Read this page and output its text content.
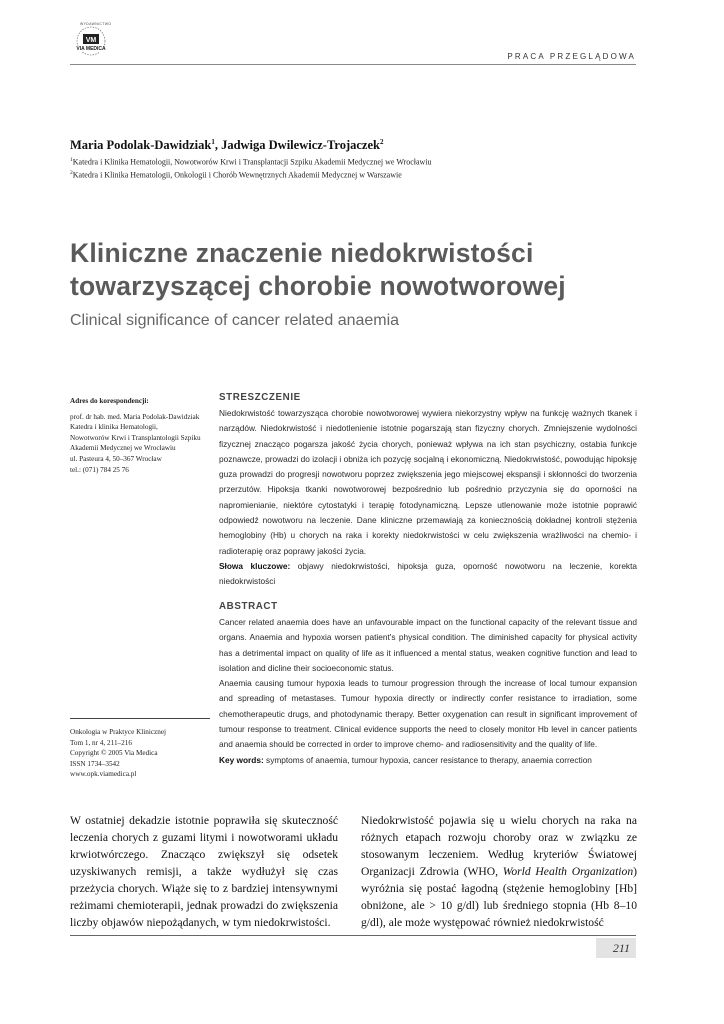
VM
VIA MEDICA
WYDAWNICTWO
PRACA PRZEGLĄDOWA
Maria Podolak-Dawidziak$^1$, Jadwiga Dwilewicz-Trojaczek$^2$
$^1$Katedra i Klinika Hematologii, Nowotworów Krwi i Transplantacji Szpiku Akademii Medycznej we Wrocławiu
$^2$Katedra i Klinika Hematologii, Onkologii i Chorób Wewnętrznych Akademii Medycznej w Warszawie
Kliniczne znaczenie niedokrwistości
towarzyszącej chorobie nowotworowej
Clinical significance of cancer related anaemia
Adres do korespondencji:
prof. dr hab. med. Maria Podolak-Dawidziak
Katedra i klinika Hematologii,
Nowotworów Krwi i Transplantologii Szpiku
Akademii Medycznej we Wrocławiu
ul. Pasteura 4, 50–367 Wrocław
tel.: (071) 784 25 76
Onkologia w Praktyce Klinicznej
Tom 1, nr 4, 211–216
Copyright © 2005 Via Medica
ISSN 1734–3542
www.opk.viamedica.pl
STRESZCZENIE

Niedokrwistość towarzysząca chorobie nowotworowej wywiera niekorzystny wpływ na funkcję ważnych tkanek i narządów. Niedokrwistość i niedotlenienie istotnie pogarszają stan fizyczny chorych. Zmniejszenie wydolności fizycznej znacząco pogarsza jakość życia chorych, ponieważ wpływa na ich stan psychiczny, ostabia funkcje poznawcze, prowadzi do izolacji i obniża ich pozycję socjalną i ekonomiczną. Niedokrwistość, powodując hipoksję guza prowadzi do progresji nowotworu poprzez zwiększenia jego miejscowej ekspansji i skłonności do tworzenia przerzutów. Hipoksja tkanki nowotworowej bezpośrednio lub pośrednio przyczynia się do oporności na napromienianie, niektóre cytostatyki i terapię fotodynamiczną. Lepsze utlenowanie może istotnie poprawić odpowiedź nowotworu na leczenie. Dane kliniczne przemawiają za koniecznością dokładnej kontroli stężenia hemoglobiny (Hb) u chorych na raka i korekty niedokrwistości w celu zwiększenia wrażliwości na chemio- i radioterapię oraz poprawy jakości życia.

Słowa kluczowe: objawy niedokrwistości, hipoksja guza, oporność nowotworu na leczenie, korekta niedokrwistości

ABSTRACT

Cancer related anaemia does have an unfavourable impact on the functional capacity of the relevant tissue and organs. Anaemia and hypoxia worsen patient's physical condition. The diminished capacity for physical activity has a detrimental impact on quality of life as it influenced a mental status, weaken cognitive function and lead to isolation and dicline their socioeconomic status.

Anaemia causing tumour hypoxia leads to tumour progression through the increase of local tumour expansion and spreading of metastases. Tumour hypoxia directly or indirectly confer resistance to irradiation, some chemotherapeutic drugs, and photodynamic therapy. Better oxygenation can result in significant improvement of tumour response to treatment. Clinical evidence supports the need to closely monitor Hb level in cancer patients and anaemia should be corrected in order to improve chemo- and radiosensitivity and the quality of life.

Key words: symptoms of anaemia, tumour hypoxia, cancer resistance to therapy, anaemia correction

W ostatniej dekadzie istotnie poprawiła się skuteczność leczenia chorych z guzami litymi i nowotworami układu krwiotwórczego. Znacząco zwiększył się odsetek uzyskiwanych remisji, a także wydłużył się czas przeżycia chorych. Wiąże się to z bardziej intensywnymi reżimami chemioterapii, jednak prowadzi do zwiększenia liczby objawów niepożądanych, w tym niedokrwistości.
Niedokrwistość pojawia się u wielu chorych na raka na różnych etapach rozwoju choroby oraz w związku ze stosowanym leczeniem. Według kryteriów Światowej Organizacji Zdrowia (WHO, World Health Organization) wyróżnia się postać łagodną (stężenie hemoglobiny [Hb] obniżone, ale > 10 g/dl) lub średniego stopnia (Hb 8–10 g/dl), ale może występować również niedokrwistość
211
